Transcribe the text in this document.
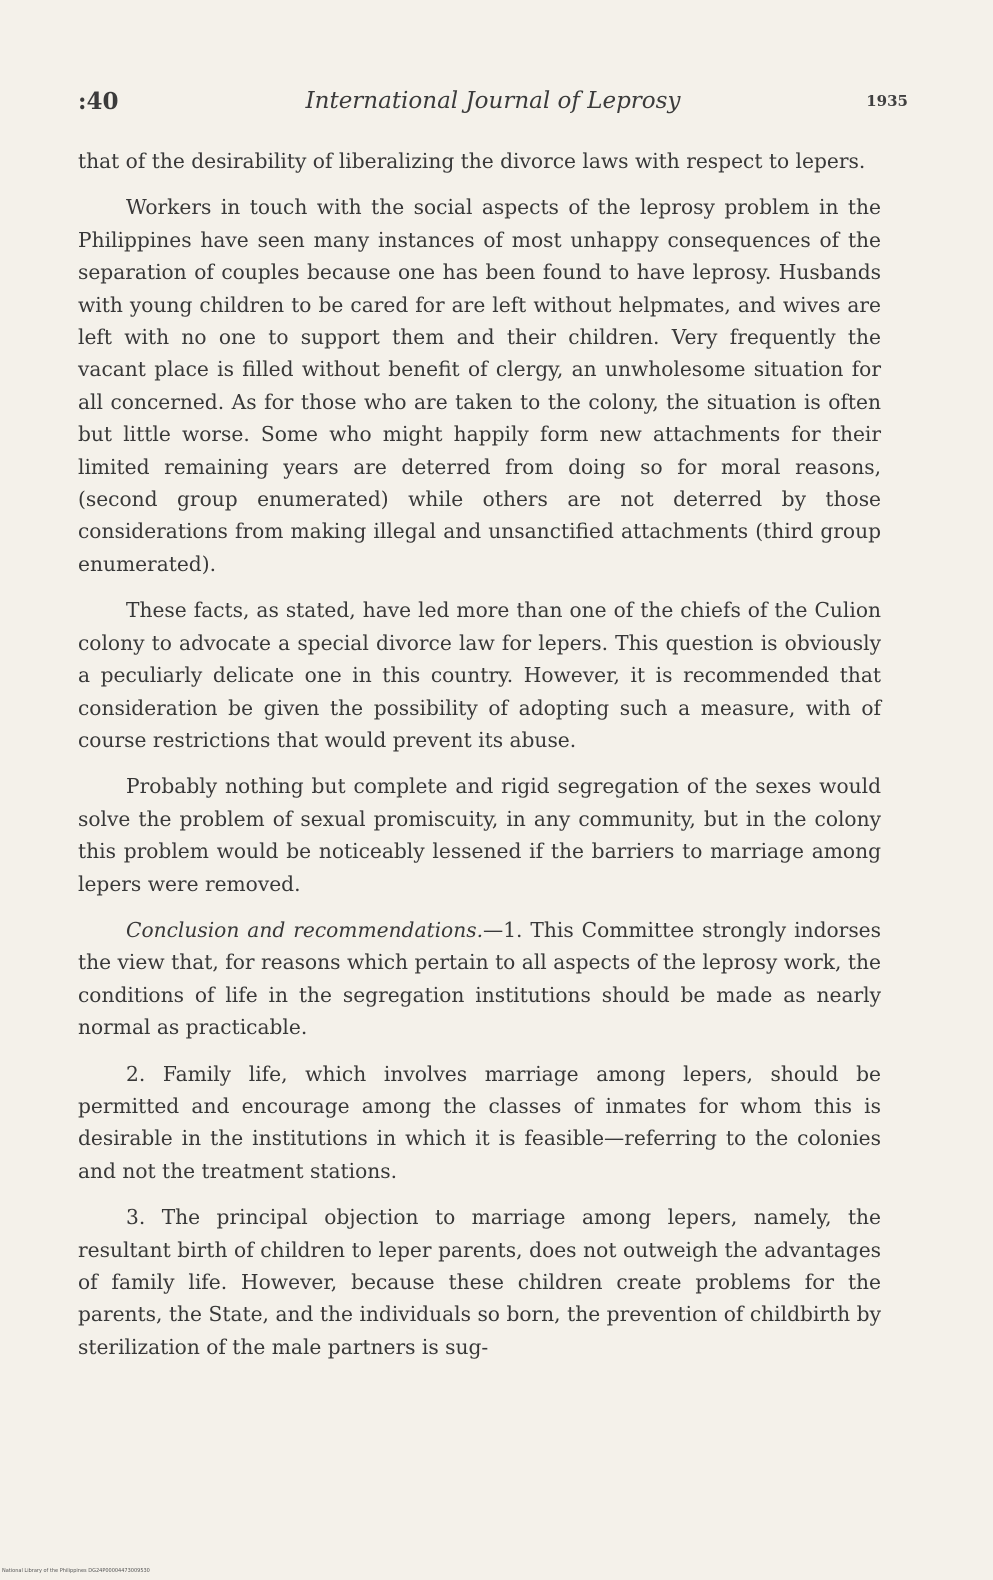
:40	International Journal of Leprosy	1935

that of the desirability of liberalizing the divorce laws with respect to lepers.

Workers in touch with the social aspects of the leprosy problem in the Philippines have seen many instances of most unhappy consequences of the separation of couples because one has been found to have leprosy. Husbands with young children to be cared for are left without helpmates, and wives are left with no one to support them and their children. Very frequently the vacant place is filled without benefit of clergy, an unwholesome situation for all concerned. As for those who are taken to the colony, the situation is often but little worse. Some who might happily form new attachments for their limited remaining years are deterred from doing so for moral reasons, (second group enumerated) while others are not deterred by those considerations from making illegal and unsanctified attachments (third group enumerated).

These facts, as stated, have led more than one of the chiefs of the Culion colony to advocate a special divorce law for lepers. This question is obviously a peculiarly delicate one in this country. However, it is recommended that consideration be given the possibility of adopting such a measure, with of course restrictions that would prevent its abuse.

Probably nothing but complete and rigid segregation of the sexes would solve the problem of sexual promiscuity, in any community, but in the colony this problem would be noticeably lessened if the barriers to marriage among lepers were removed.

Conclusion and recommendations.—1. This Committee strongly indorses the view that, for reasons which pertain to all aspects of the leprosy work, the conditions of life in the segregation institutions should be made as nearly normal as practicable.

2. Family life, which involves marriage among lepers, should be permitted and encourage among the classes of inmates for whom this is desirable in the institutions in which it is feasible—referring to the colonies and not the treatment stations.

3. The principal objection to marriage among lepers, namely, the resultant birth of children to leper parents, does not outweigh the advantages of family life. However, because these children create problems for the parents, the State, and the individuals so born, the prevention of childbirth by sterilization of the male partners is sug-

National Library of the Philippines DG24P00004473009530
